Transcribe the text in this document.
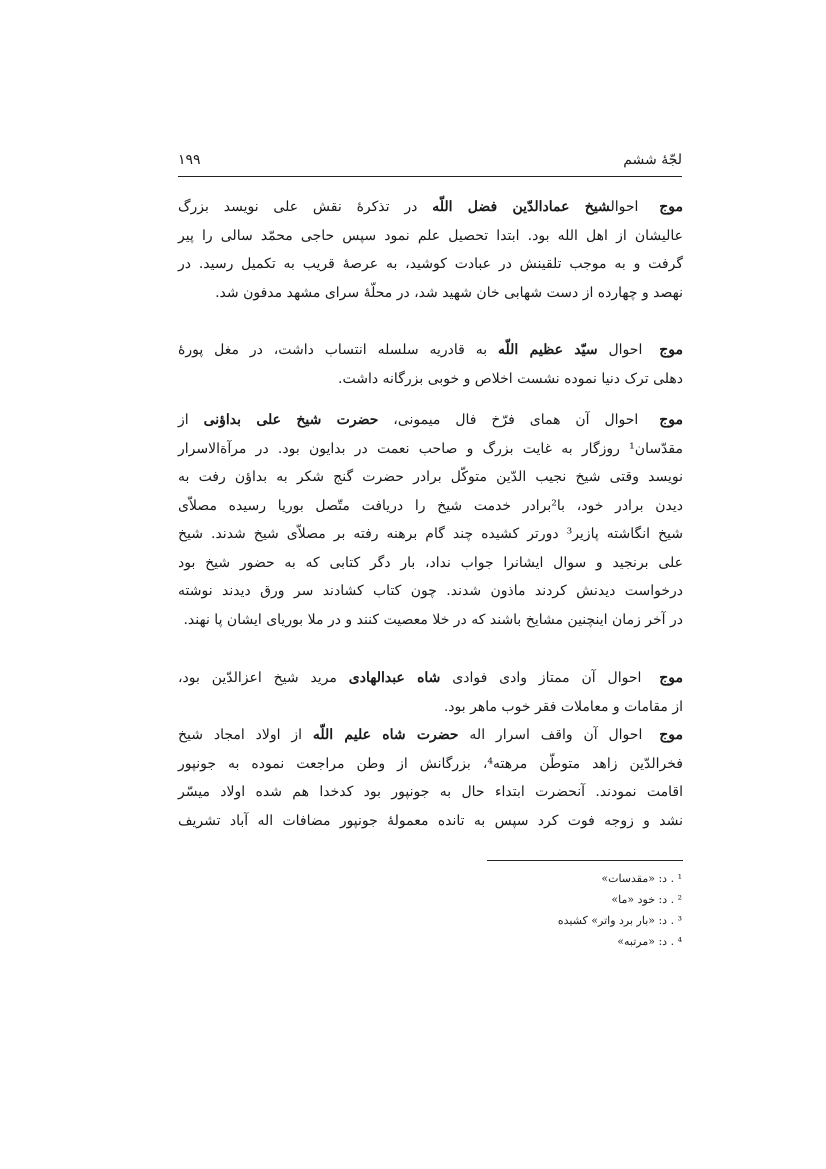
لجّهٔ ششم
۱۹۹

موج احوالشیخ عمادالدّین فضل اللّه در تذکرهٔ نقش علی نویسد بزرگ
عالیشان از اهل الله بود. ابتدا تحصیل علم نمود سپس حاجی محمّد سالی را پیر
گرفت و به موجب تلقینش در عبادت کوشید، به عرصهٔ قریب به تکمیل رسید. در
نهصد و چهارده از دست شهابی خان شهید شد، در محلّهٔ سرای مشهد مدفون شد.

موج احوال سیّد عظیم اللّه به قادریه سلسله انتساب داشت، در مغل پورهٔ
دهلی ترک دنیا نموده نشست اخلاص و خوبی بزرگانه داشت.

موج احوال آن همای فرّخ فال میمونی، حضرت شیخ علی بداؤنی از
مقدّسان¹ روزگار به غایت بزرگ و صاحب نعمت در بدایون بود. در مرآةالاسرار
نویسد وقتی شیخ نجیب الدّین متوکّل برادر حضرت گنج شکر به بداؤن رفت به
دیدن برادر خود، با²برادر خدمت شیخ را دریافت متّصل بوریا رسیده مصلاّی
شیخ انگاشته پازیر³ دورتر کشیده چند گام برهنه رفته بر مصلاّی شیخ شدند. شیخ
علی برنجید و سوال ایشانرا جواب نداد، بار دگر کتابی که به حضور شیخ بود
درخواست دیدنش کردند ماذون شدند. چون کتاب کشادند سر ورق دیدند نوشته
در آخر زمان اینچنین مشایخ باشند که در خلا معصیت کنند و در ملا بوریای ایشان پا نهند.

موج احوال آن ممتاز وادی فوادی شاه عبدالهادی مرید شیخ اعزالدّین بود،
از مقامات و معاملات فقر خوب ماهر بود.

موج احوال آن واقف اسرار اله حضرت شاه علیم اللّه از اولاد امجاد شیخ
فخرالدّین زاهد متوطّن مرهته⁴، بزرگانش از وطن مراجعت نموده به جونپور
اقامت نمودند. آنحضرت ابتداء حال به جونپور بود کدخدا هم شده اولاد میسّر
نشد و زوجه فوت کرد سپس به تانده معمولهٔ جونپور مضافات اله آباد تشریف

¹ . د: «مقدسات»
² . د: خود «ما»
³ . د: «بار برد واتر» کشیده
⁴ . د: «مرتبه»
